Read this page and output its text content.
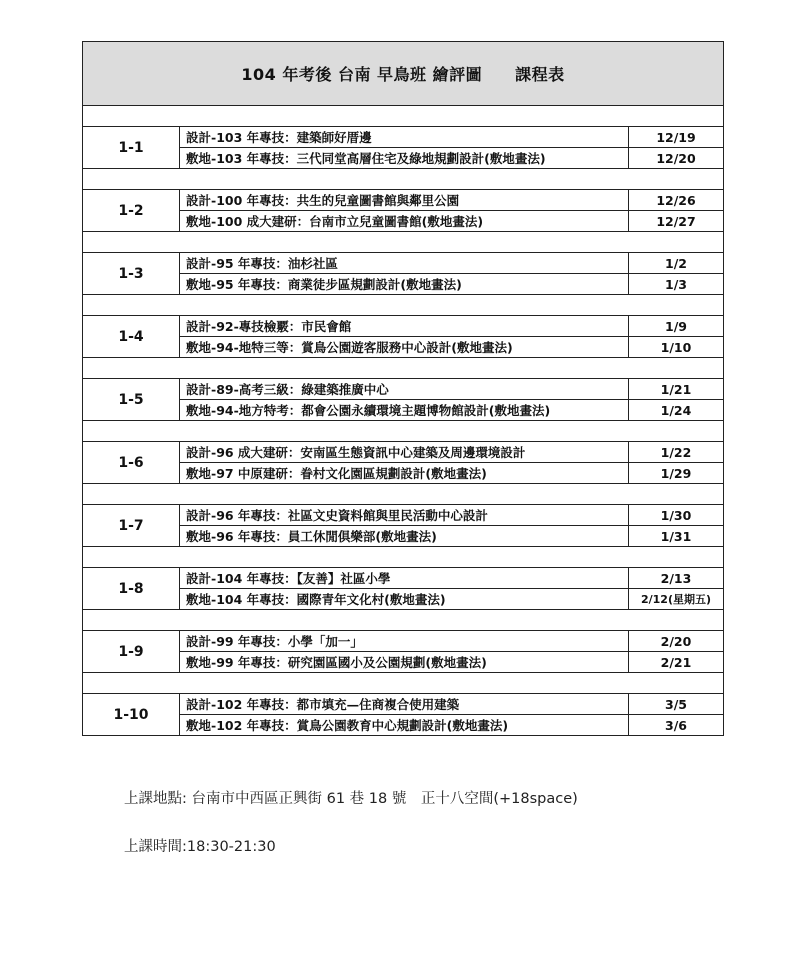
104 年考後 台南 早鳥班 繪評圖　　課程表		

1-1	設計-103 年專技：建築師好厝邊	12/19
	敷地-103 年專技：三代同堂高層住宅及綠地規劃設計(敷地畫法)	12/20

1-2	設計-100 年專技：共生的兒童圖書館與鄰里公園	12/26
	敷地-100 成大建研：台南市立兒童圖書館(敷地畫法)	12/27

1-3	設計-95 年專技：油杉社區	1/2
	敷地-95 年專技：商業徒步區規劃設計(敷地畫法)	1/3

1-4	設計-92-專技檢覈：市民會館	1/9
	敷地-94-地特三等：賞鳥公園遊客服務中心設計(敷地畫法)	1/10

1-5	設計-89-高考三級：綠建築推廣中心	1/21
	敷地-94-地方特考：都會公園永續環境主題博物館設計(敷地畫法)	1/24

1-6	設計-96 成大建研：安南區生態資訊中心建築及周邊環境設計	1/22
	敷地-97 中原建研：眷村文化園區規劃設計(敷地畫法)	1/29

1-7	設計-96 年專技：社區文史資料館與里民活動中心設計	1/30
	敷地-96 年專技：員工休閒俱樂部(敷地畫法)	1/31

1-8	設計-104 年專技：【友善】社區小學	2/13
	敷地-104 年專技：國際青年文化村(敷地畫法)	2/12(星期五)

1-9	設計-99 年專技：小學「加一」	2/20
	敷地-99 年專技：研究園區國小及公園規劃(敷地畫法)	2/21

1-10	設計-102 年專技：都市填充—住商複合使用建築	3/5
	敷地-102 年專技：賞鳥公園教育中心規劃設計(敷地畫法)	3/6
上課地點: 台南市中西區正興街 61 巷 18 號　正十八空間(+18space)
上課時間:18:30-21:30
